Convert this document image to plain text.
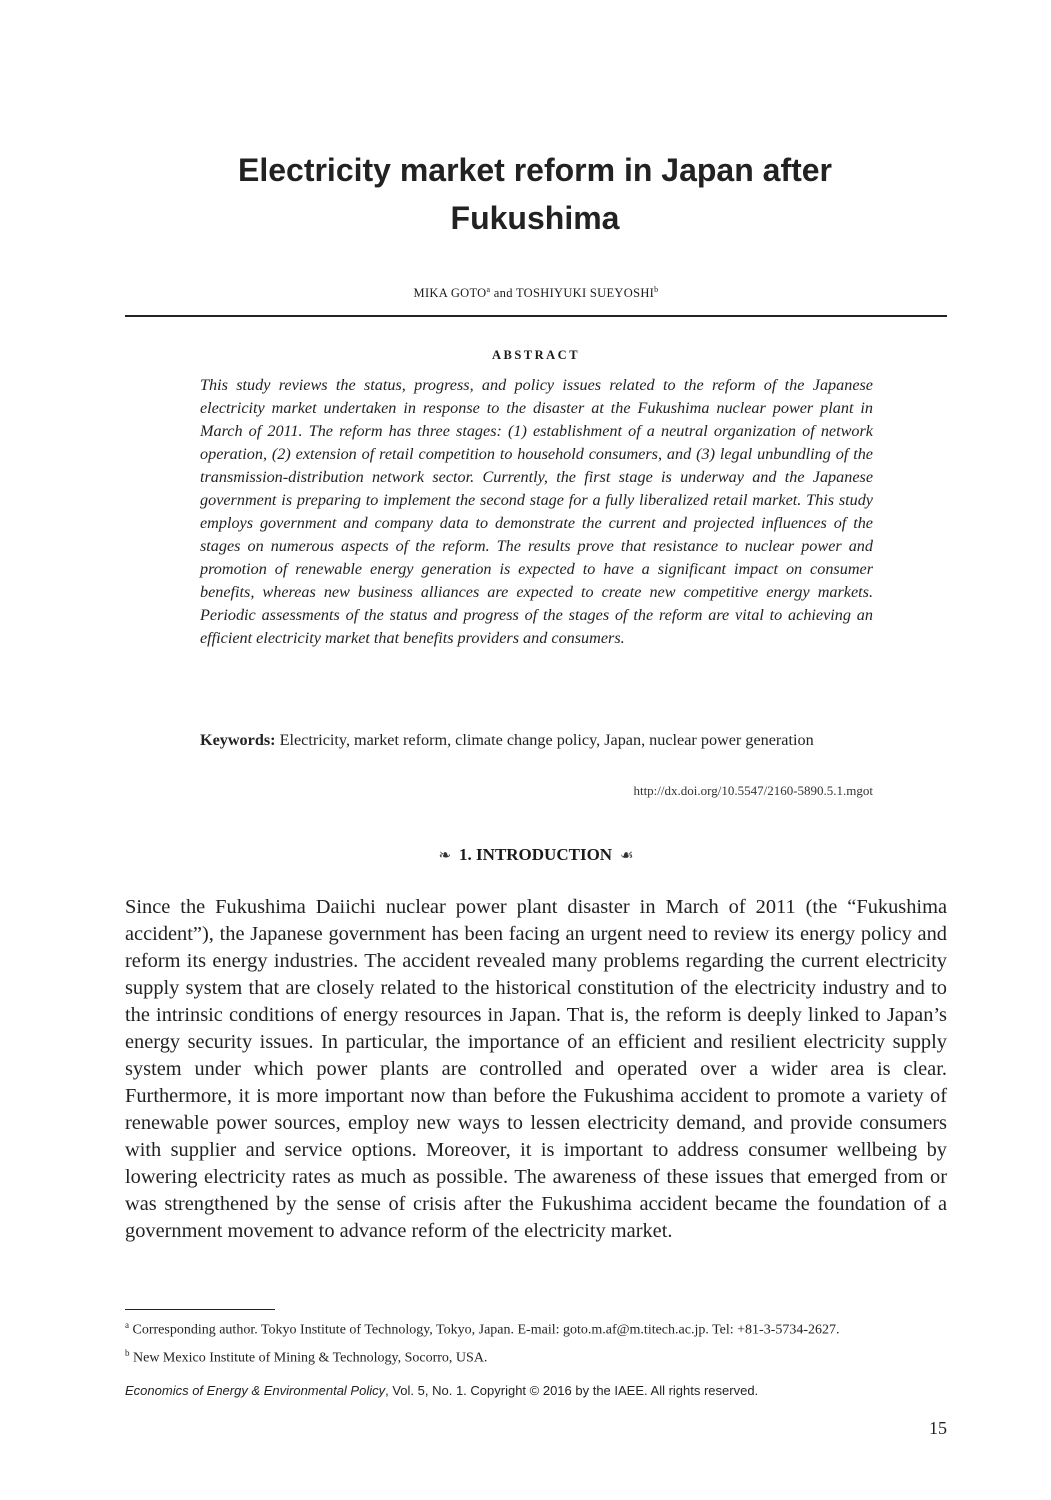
Electricity market reform in Japan after Fukushima
MIKA GOTO$^a$ and TOSHIYUKI SUEYOSHI$^b$
ABSTRACT
This study reviews the status, progress, and policy issues related to the reform of the Japanese electricity market undertaken in response to the disaster at the Fukushima nuclear power plant in March of 2011. The reform has three stages: (1) establishment of a neutral organization of network operation, (2) extension of retail competition to household consumers, and (3) legal unbundling of the transmission-distribution network sector. Currently, the first stage is underway and the Japanese government is preparing to implement the second stage for a fully liberalized retail market. This study employs government and company data to demonstrate the current and projected influences of the stages on numerous aspects of the reform. The results prove that resistance to nuclear power and promotion of renewable energy generation is expected to have a significant impact on consumer benefits, whereas new business alliances are expected to create new competitive energy markets. Periodic assessments of the status and progress of the stages of the reform are vital to achieving an efficient electricity market that benefits providers and consumers.
Keywords: Electricity, market reform, climate change policy, Japan, nuclear power generation
http://dx.doi.org/10.5547/2160-5890.5.1.mgot
❧ 1. INTRODUCTION ☙
Since the Fukushima Daiichi nuclear power plant disaster in March of 2011 (the “Fukushima accident”), the Japanese government has been facing an urgent need to review its energy policy and reform its energy industries. The accident revealed many problems regarding the current electricity supply system that are closely related to the historical constitution of the electricity industry and to the intrinsic conditions of energy resources in Japan. That is, the reform is deeply linked to Japan’s energy security issues. In particular, the importance of an efficient and resilient electricity supply system under which power plants are controlled and operated over a wider area is clear. Furthermore, it is more important now than before the Fukushima accident to promote a variety of renewable power sources, employ new ways to lessen electricity demand, and provide consumers with supplier and service options. Moreover, it is important to address consumer wellbeing by lowering electricity rates as much as possible. The awareness of these issues that emerged from or was strengthened by the sense of crisis after the Fukushima accident became the foundation of a government movement to advance reform of the electricity market.

$^a$ Corresponding author. Tokyo Institute of Technology, Tokyo, Japan. E-mail: goto.m.af@m.titech.ac.jp. Tel: +81-3-5734-2627.

$^b$ New Mexico Institute of Mining & Technology, Socorro, USA.

Economics of Energy & Environmental Policy, Vol. 5, No. 1. Copyright © 2016 by the IAEE. All rights reserved.
15
